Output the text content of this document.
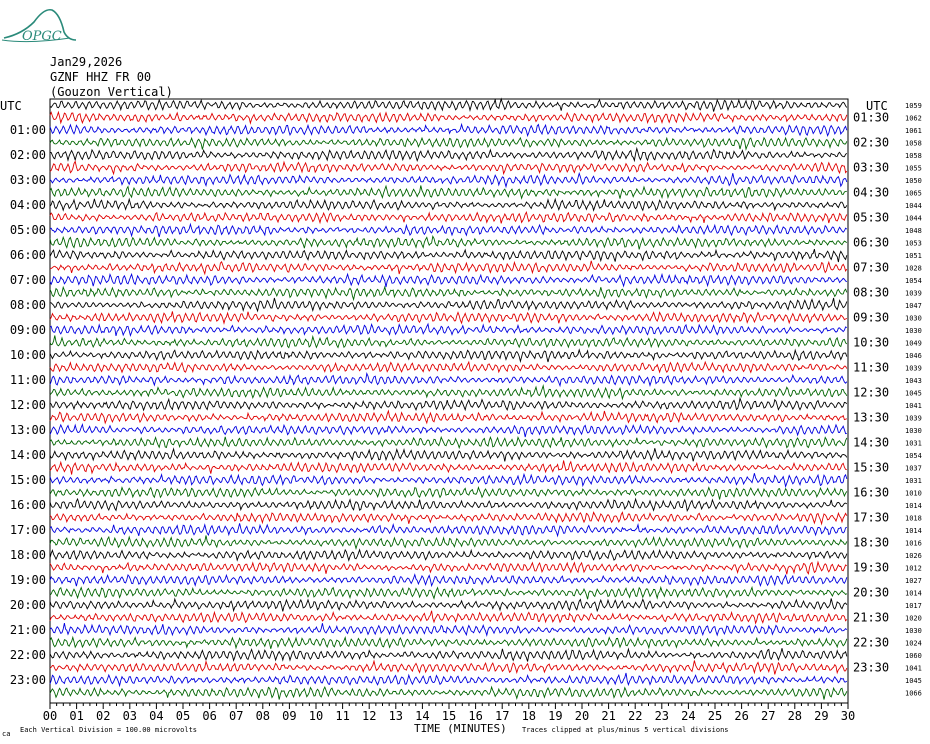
OPGC
Jan29,2026
GZNF HHZ FR 00
(Gouzon Vertical)
UTC	UTC

01:00
02:00
03:00
04:00
05:00
06:00
07:00
08:00
09:00
10:00
11:00
12:00
13:00
14:00
15:00
16:00
17:00
18:00
19:00
20:00
21:00
22:00
23:00
01:30
02:30
03:30
04:30
05:30
06:30
07:30
08:30
09:30
10:30
11:30
12:30
13:30
14:30
15:30
16:30
17:30
18:30
19:30
20:30
21:30
22:30
23:30
1059
1062
1061
1058
1058
1055
1050
1065
1044
1044
1048
1053
1051
1028
1054
1039
1047
1030
1030
1049
1046
1039
1043
1045
1041
1039
1030
1031
1054
1037
1031
1010
1014
1018
1014
1016
1026
1012
1027
1014
1017
1020
1030
1024
1060
1041
1045
1066
00 01 02 03 04 05 06 07 08 09 10 11 12 13 14 15 16 17 18 19 20 21 22 23 24 25 26 27 28 29 30
TIME (MINUTES)
ca Each Vertical Division = 100.00 microvolts	Traces clipped at plus/minus 5 vertical divisions
